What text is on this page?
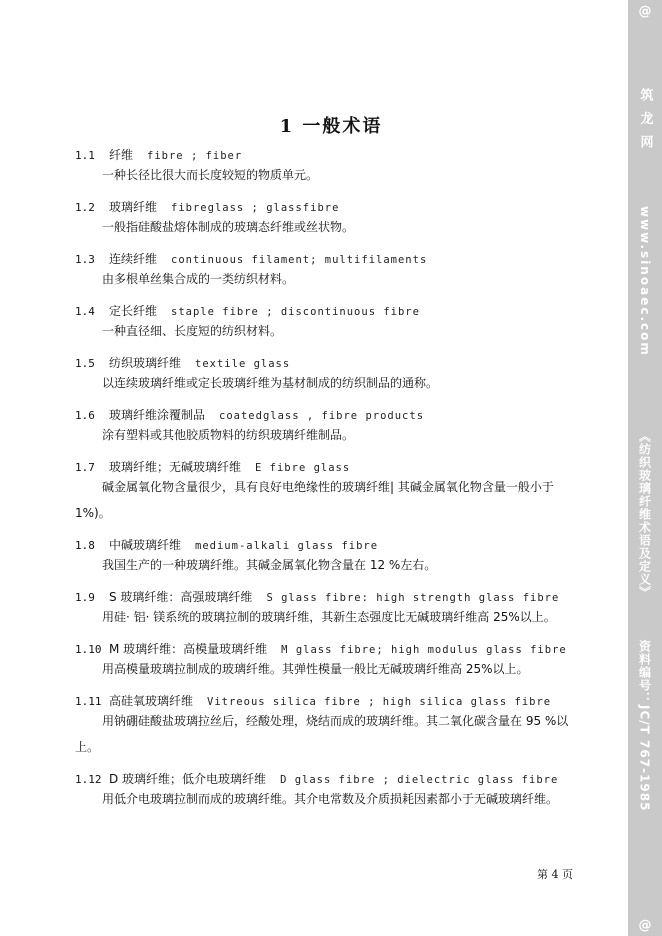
1 一般术语
1.1 纤维 fibre ; fiber
一种长径比很大而长度较短的物质单元。
1.2 玻璃纤维 fibreglass ; glassfibre
一般指硅酸盐熔体制成的玻璃态纤维或丝状物。
1.3 连续纤维 continuous filament; multifilaments
由多根单丝集合成的一类纺织材料。
1.4 定长纤维 staple fibre ; discontinuous fibre
一种直径细、长度短的纺织材料。
1.5 纺织玻璃纤维 textile glass
以连续玻璃纤维或定长玻璃纤维为基材制成的纺织制品的通称。
1.6 玻璃纤维涂覆制品 coatedglass , fibre products
涂有塑料或其他胶质物料的纺织玻璃纤维制品。
1.7 玻璃纤维；无碱玻璃纤维 E fibre glass
碱金属氧化物含量很少，具有良好电绝缘性的玻璃纤维| 其碱金属氧化物含量一般小于 1%)。
1.8 中碱玻璃纤维 medium-alkali glass fibre
我国生产的一种玻璃纤维。其碱金属氧化物含量在 12 %左右。
1.9 S 玻璃纤维：高强玻璃纤维 S glass fibre: high strength glass fibre
用硅· 铝· 镁系统的玻璃拉制的玻璃纤维，其新生态强度比无碱玻璃纤维高 25%以上。
1.10 M 玻璃纤维：高模量玻璃纤维 M glass fibre; high modulus glass fibre
用高模量玻璃拉制成的玻璃纤维。其弹性模量一般比无碱玻璃纤维高 25%以上。
1.11 高硅氧玻璃纤维 Vitreous silica fibre ; high silica glass fibre
用钠硼硅酸盐玻璃拉丝后，经酸处理，烧结而成的玻璃纤维。其二氧化碳含量在 95 %以上。
1.12 D 玻璃纤维；低介电玻璃纤维 D glass fibre ; dielectric glass fibre
用低介电玻璃拉制而成的玻璃纤维。其介电常数及介质损耗因素都小于无碱玻璃纤维。
第 4 页
@
筑 龙 网
www.sinoaec.com
《纺织玻璃纤维术语及定义》
资料编号：JC/T 767-1985
@
